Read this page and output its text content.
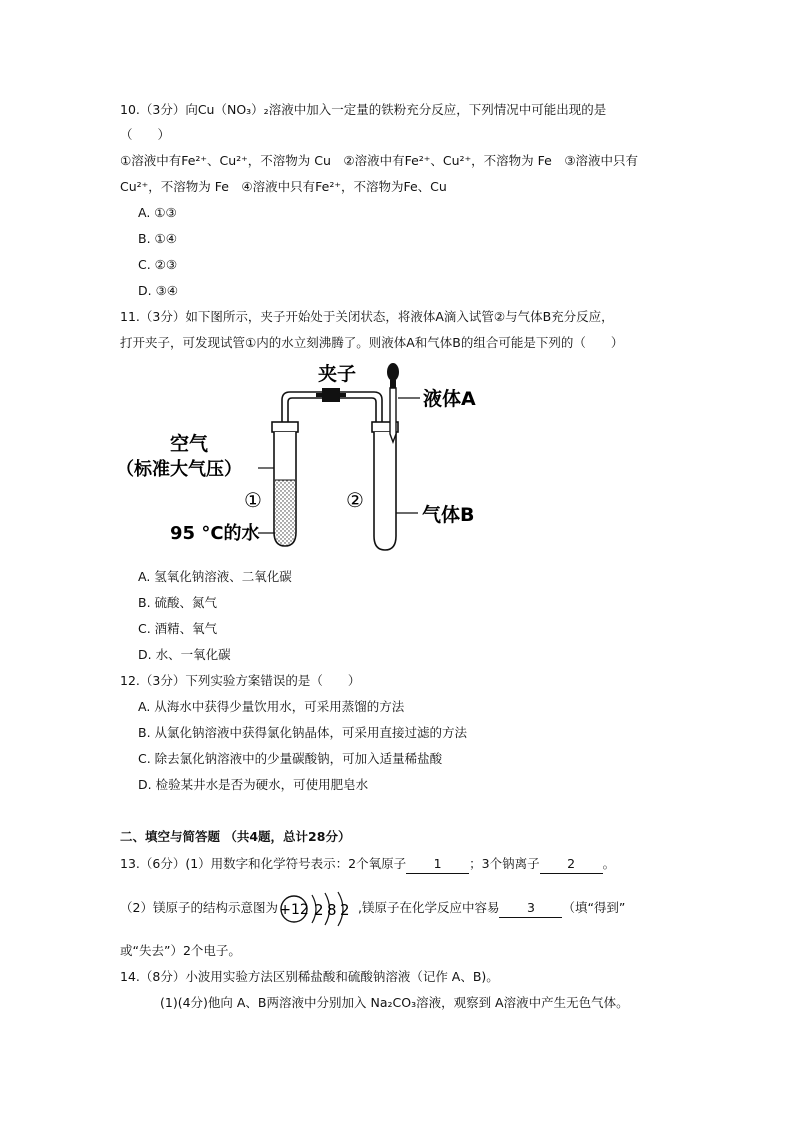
10.（3分）向Cu（NO₃）₂溶液中加入一定量的铁粉充分反应，下列情况中可能出现的是
（　　）
①溶液中有Fe²⁺、Cu²⁺，不溶物为 Cu　②溶液中有Fe²⁺、Cu²⁺，不溶物为 Fe　③溶液中只有
Cu²⁺，不溶物为 Fe　④溶液中只有Fe²⁺，不溶物为Fe、Cu
A. ①③
B. ①④
C. ②③
D. ③④
11.（3分）如下图所示，夹子开始处于关闭状态，将液体A滴入试管②与气体B充分反应，
打开夹子，可发现试管①内的水立刻沸腾了。则液体A和气体B的组合可能是下列的（　　）
夹子
液体A
空气
（标准大气压）
①	②
气体B
95 °C的水
A. 氢氧化钠溶液、二氧化碳
B. 硫酸、氮气
C. 酒精、氧气
D. 水、一氧化碳
12.（3分）下列实验方案错误的是（　　）
A. 从海水中获得少量饮用水，可采用蒸馏的方法
B. 从氯化钠溶液中获得氯化钠晶体，可采用直接过滤的方法
C. 除去氯化钠溶液中的少量碳酸钠，可加入适量稀盐酸
D. 检验某井水是否为硬水，可使用肥皂水
二、填空与简答题 （共4题，总计28分）
13.（6分）(1）用数字和化学符号表示：2个氧原子 1 ；3个钠离子 2 。
（2）镁原子的结构示意图为 +12 2 8 2 ,镁原子在化学反应中容易 3 （填“得到”
或“失去”）2个电子。
14.（8分）小波用实验方法区别稀盐酸和硫酸钠溶液（记作 A、B)。
(1)(4分)他向 A、B两溶液中分别加入 Na₂CO₃溶液，观察到 A溶液中产生无色气体。
